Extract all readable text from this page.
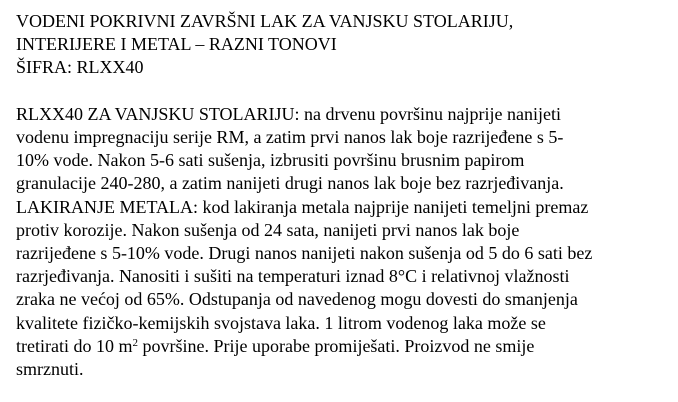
VODENI POKRIVNI ZAVRŠNI LAK ZA VANJSKU STOLARIJU,
INTERIJERE I METAL – RAZNI TONOVI
ŠIFRA: RLXX40
RLXX40 ZA VANJSKU STOLARIJU: na drvenu površinu najprije nanijeti
vodenu impregnaciju serije RM, a zatim prvi nanos lak boje razrijeđene s 5-
10% vode. Nakon 5-6 sati sušenja, izbrusiti površinu brusnim papirom
granulacije 240-280, a zatim nanijeti drugi nanos lak boje bez razrjeđivanja.
LAKIRANJE METALA: kod lakiranja metala najprije nanijeti temeljni premaz
protiv korozije. Nakon sušenja od 24 sata, nanijeti prvi nanos lak boje
razrijeđene s 5-10% vode. Drugi nanos nanijeti nakon sušenja od 5 do 6 sati bez
razrjeđivanja. Nanositi i sušiti na temperaturi iznad 8°C i relativnoj vlažnosti
zraka ne većoj od 65%. Odstupanja od navedenog mogu dovesti do smanjenja
kvalitete fizičko-kemijskih svojstava laka. 1 litrom vodenog laka može se
tretirati do 10 $m^2$ površine. Prije uporabe promiješati. Proizvod ne smije
smrznuti.
